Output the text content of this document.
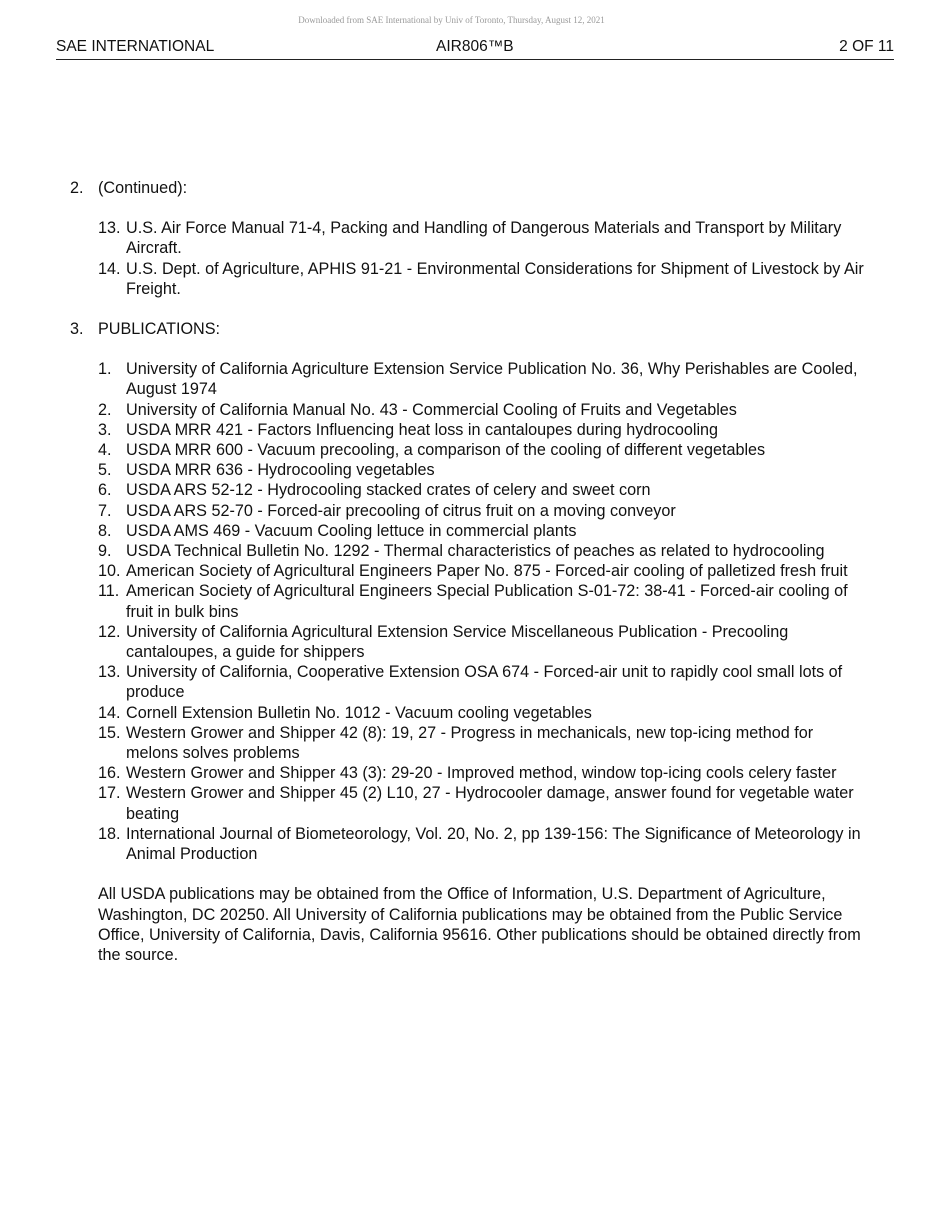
Downloaded from SAE International by Univ of Toronto, Thursday, August 12, 2021
SAE INTERNATIONAL	AIR806™B	2 OF 11
2. (Continued):
13. U.S. Air Force Manual 71-4, Packing and Handling of Dangerous Materials and Transport by Military Aircraft.
14. U.S. Dept. of Agriculture, APHIS 91-21 - Environmental Considerations for Shipment of Livestock by Air Freight.
3. PUBLICATIONS:
1. University of California Agriculture Extension Service Publication No. 36, Why Perishables are Cooled, August 1974
2. University of California Manual No. 43 - Commercial Cooling of Fruits and Vegetables
3. USDA MRR 421 - Factors Influencing heat loss in cantaloupes during hydrocooling
4. USDA MRR 600 - Vacuum precooling, a comparison of the cooling of different vegetables
5. USDA MRR 636 - Hydrocooling vegetables
6. USDA ARS 52-12 - Hydrocooling stacked crates of celery and sweet corn
7. USDA ARS 52-70 - Forced-air precooling of citrus fruit on a moving conveyor
8. USDA AMS 469 - Vacuum Cooling lettuce in commercial plants
9. USDA Technical Bulletin No. 1292 - Thermal characteristics of peaches as related to hydrocooling
10. American Society of Agricultural Engineers Paper No. 875 - Forced-air cooling of palletized fresh fruit
11. American Society of Agricultural Engineers Special Publication S-01-72: 38-41 - Forced-air cooling of fruit in bulk bins
12. University of California Agricultural Extension Service Miscellaneous Publication - Precooling cantaloupes, a guide for shippers
13. University of California, Cooperative Extension OSA 674 - Forced-air unit to rapidly cool small lots of produce
14. Cornell Extension Bulletin No. 1012 - Vacuum cooling vegetables
15. Western Grower and Shipper 42 (8): 19, 27 - Progress in mechanicals, new top-icing method for melons solves problems
16. Western Grower and Shipper 43 (3): 29-20 - Improved method, window top-icing cools celery faster
17. Western Grower and Shipper 45 (2) L10, 27 - Hydrocooler damage, answer found for vegetable water beating
18. International Journal of Biometeorology, Vol. 20, No. 2, pp 139-156: The Significance of Meteorology in Animal Production
All USDA publications may be obtained from the Office of Information, U.S. Department of Agriculture, Washington, DC 20250. All University of California publications may be obtained from the Public Service Office, University of California, Davis, California 95616. Other publications should be obtained directly from the source.
